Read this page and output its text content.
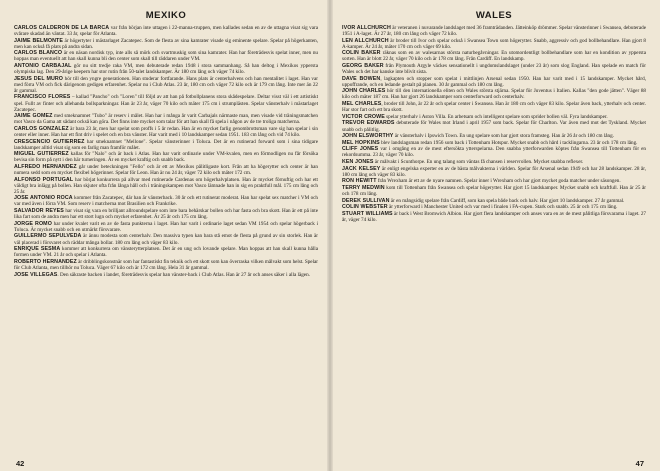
MEXIKO

CARLOS CALDERON DE LA BARCA var från början inte uttagen i 22-manna-truppen, men kallades sedan en av de uttagna visat sig vara svårare skadad än väntat. 33 år, spelar för Atlanta.

JAIME BELMONTE är högertyter i mästarlaget Zacatepec. Som de flesta av sina kamrater visade sig eminente spelare. Spelar på högerkanten, men kan också få plats på andra sidan.

CARLOS BLANCO är en näsan nordisk typ, inte alls så mörk och svartmuskig som sina kamrater. Han har företrädesvis spelat inner, men nu hoppas man eventuellt att han skall kunna bli den center som skall till räddaren under VM.

ANTONIO CARBAJAL gör nu sitt tredje raka VM, men debuterade redan 1948 i stora sammanhang. Så han deltog i Mexikos yppersta olympiska lag. Den 29-årige keepern har stor rutin från 50-talet landskamper. Är 180 cm lång och väger 74 kilo.

JESUS DEL MURO hör till den yngre generationen. Han studerar fortfarande. Hans plats är centerhalvens och han mentalitet i laget. Han var med förra VM och fick därigenom gedigen erfarenhet. Spelar nu i Club Atlas. 23 år, 180 cm och väger 72 kilo och är 179 cm lång. Inte mer än 22 år gammal.

FRANCISCO FLORES – kallad "Pancho" och "Loren" till följd av att han på fotbollplanens stora skådespelare. Deltar visst väl i ett artistiskt spel. Fullt av finter och allehanda bollsparkningar. Han är 23 år, väger 70 kilo och mäter 175 cm i strumplästen. Spelar vänsterhalv i mästarlaget Zacatepec.

JAIME GOMEZ med smeknamnet "Tubo" är reserv i målet. Han har i många år varit Carbajals närmaste man, men visade vid träningsmatchen mot Vasco da Gama att sådant också kan göra. Det finns inte mycket som talar för att han skall få spela i någon av de tre troliga matcherna.

CARLOS GONZALEZ är bara 23 år, men har spelat som proffs i 5 år redan. Han är en mycket farlig genombrottsman vare sig han spelar i sin center eller inner. Han har ett fint driv i spelet och en bra vänster. Har varit med i 10 landskamper sedan 1951. 183 cm lång och vid 74 kilo.

CRESCENCIO GUTIERREZ har smeknamnet "Mellone". Spelar vänsterinner i Toluca. Det är en rutinerad forward som i sina tidigare landskamper alltid visat sig som en farlig man framför målet.

MIGUEL GUTIERREZ kallas för "Nalo" och är back i Atlas. Han har varit ordinarie under VM-kvalen, men en förmodligen nu får försöka bevisa sin form på nytt i den här turneringen. Är en mycket kraftig och snabb back.

ALFREDO HERNANDEZ går under beteckningen "Fello" och är ett av Mexikos pålitligaste kort. Från att ha högerytter och center är han numera sedd som en mycket flexibel högerinner. Spelar för Leon. Han är nu 24 år, väger 72 kilo och mäter 172 cm.

ALFONSO PORTUGAL har börjat konkurrera på allvar med rutinerade Cardenas om högerhalvplatsen. Han är mycket förnuftig och har ett väldigt bra inlägg på bollen. Han skjuter ofta från långa håll och i träningskampen mot Vasco lämnade han in sig en praktfull mål. 175 cm lång och 25 år.

JOSE ANTONIO ROCA kommer från Zacatepec, där han är vänsterback. 30 år och ett rutinerat moderat. Han har spelat sex matcher i VM och var med även i förra VM. Som reserv i matcherna mot Brasilien och Frankrike.

SALVADOR REYES har visat sig vara en brilljant allroundspelare som inte bara behärskar bollen och har fasta och bra skott. Han är ett på inte lika fart som de andra men har ett stort lugn och mycket erfarenhet. Är 25 år och 175 cm lång.

JORGE ROMO har under kvalet varit en av de fasta punkterna i laget. Han har varit i ordinarie laget sedan VM 1954 och spelar högerback i Toluca. Är mycket snabb och en utmärkt försvarare.

GUILLERMO SEPULVEDA är ännu modesta som centerhalv. Den massiva typen kan bara stå emot de flesta på grund av sin storlek. Han är väl placerad i försvaret och räddar många bollar. 180 cm lång och väger 83 kilo.

ENRIQUE SESMA kommer att konkurrera om vänsterytterplatsen. Det är en ung och lovande spelare. Man hoppas att han skall kunna hålla formen under VM. 21 år och spelar i Atlanta.

ROBERTO HERNANDEZ är dribblingskonstnär som har fantastiskt fin teknik och ett skott som kan överraska vilken målvakt som helst. Spelar för Club Atlanta, men tillhör nu Toluca. Väger 67 kilo och är 172 cm lång. Hela 31 år gammal.

JOSE VILLEGAS. Den säkraste backen i landet, företrädesvis spelar han vänster-back i Club Atlas. Han är 27 år och anses säker i alla lägen.

42
WALES

IVOR ALLCHURCH är veteranen i nuvarande landslaget med 36 framträdanden. Jätteinköp drömmer. Spelar vänsterinner i Swansea, debuterade 1951 i A-laget. Är 27 år, 180 cm lång och väger 72 kilo.

LEN ALLCHURCH är broder till Ivor och spelar också i Swansea Town som högerytter. Snabb, aggressiv och god bollbehandlare. Han gjort 8 A-kamper. Är 24 år, mäter 170 cm och väger 69 kilo.

COLIN BAKER räknas som en av walesarnas största naturbegåvningar. En utomordentligt bollbehandlare som har en kondition av yppersta sorten. Han är blott 22 år, väger 70 kilo och är 178 cm lång. Från Cardiff. En landskamp.

GEORG BAKER från Plymouth Argyle väckes sensationellt i ungdomslandslaget (under 23 år) som slog England. Han spelade en match för Wales och det har kanske inte blivit sista.

DAVE BOWEN, lagkapten och stopper som spelat i mittlinjen Arsenal sedan 1950. Han har varit med i 15 landskamper. Mycket hård, uppoffrande, och en ledande gestalt på planen. 30 år gammal och 180 cm lång.

JOHN CHARLES hör till den internationella eliten och Wales största stjärna. Spelar för Juventus i Italien. Kallas "den gode jätten". Väger 88 kilo och mäter 187 cm. Han har gjort 26 landskamper som centerforward och centerhalv.

MEL CHARLES, broder till John, är 22 år och spelar center i Swansea. Han är 180 cm och väger 83 kilo. Spelar även back, ytterhalv och center. Har stor fart och ett bra skott.

VICTOR CROWE spelar ytterhalv i Aston Villa. En arbetsam och intelligent spelare som sprider bollen väl. Fyra landskamper.

TREVOR EDWARDS debuterade för Wales mot Irland i april 1957 som back. Spelar för Charlton. Var även med mot det Tyskland. Mycket snabb och pålitlig.

JOHN ELSWORTHY är vänsterhalv i Ipswich Town. En ung spelare som har gjort stora framsteg. Han är 26 år och 180 cm lång.

MEL HOPKINS blev landslagsman redan 1956 som back i Tottenham Hotspur. Mycket snabb och hård i tacklingarna. 23 år och 178 cm lång.

CLIFF JONES var i omgång en av de mest eftersökta ytterspelarna. Den snabba ytterforwarden köptes från Swansea till Tottenham för en rekordsumma. 23 år, väger 70 kilo.

KEN JONES är målvakt i Scunthorpe. En ung talang som väntas få chansen i reservrollen. Mycket snabba reflexer.

JACK KELSEY är enligt engelska experter en av de bästa målvakterna i världen. Spelar för Arsenal sedan 1949 och har 28 landskamper. 28 år, 180 cm lång och väger 83 kilo.

RON HEWITT från Wrexham är ett av de nyare namnen. Spelar inner i Wrexham och har gjort mycket goda matcher under säsongen.

TERRY MEDWIN kom till Tottenham från Swansea och spelar högerytter. Har gjort 15 landskamper. Mycket snabb och kraftfull. Han är 25 år och 178 cm lång.

DEREK SULLIVAN är en mångsidig spelare från Cardiff, som kan spela både back och halv. Har gjort 10 landskamper. 27 år gammal.

COLIN WEBSTER är ytterforward i Manchester United och var med i finalen i FA-cupen. Stark och snabb. 25 år och 175 cm lång.

STUART WILLIAMS är back i West Bromwich Albion. Har gjort flera landskamper och anses vara en av de mest pålitliga försvararna i laget. 27 år, väger 74 kilo.

47
